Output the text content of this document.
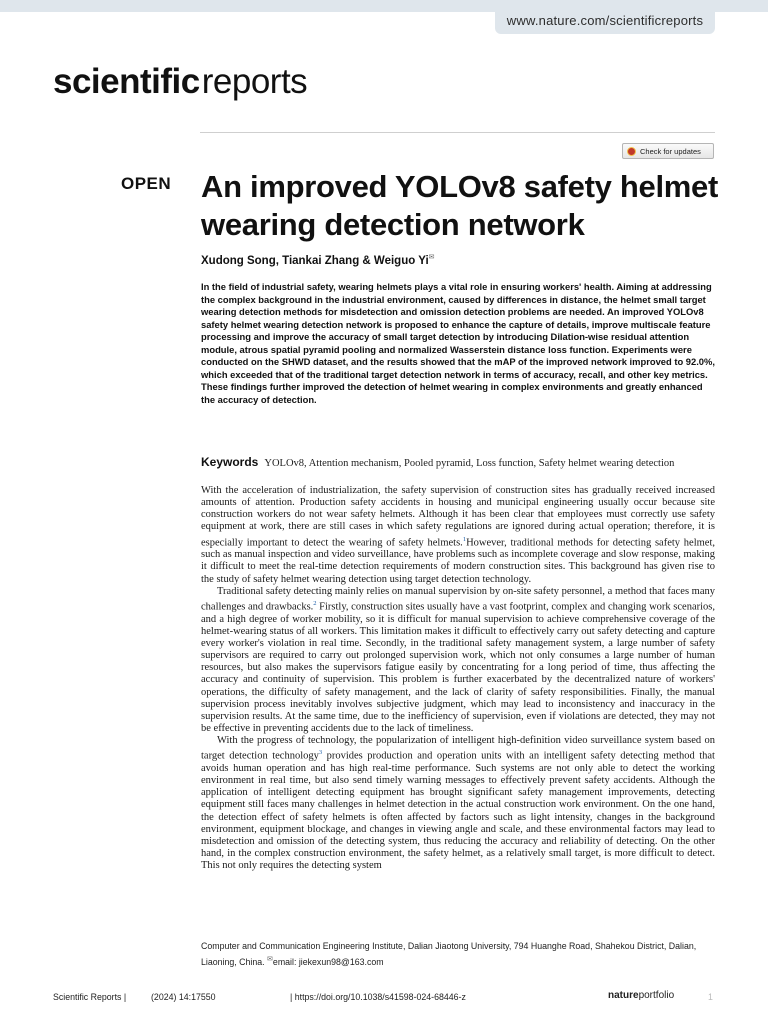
www.nature.com/scientificreports
scientificreports
Check for updates
OPEN An improved YOLOv8 safety helmet wearing detection network
Xudong Song, Tiankai Zhang & Weiguo Yi✉
In the field of industrial safety, wearing helmets plays a vital role in ensuring workers' health. Aiming at addressing the complex background in the industrial environment, caused by differences in distance, the helmet small target wearing detection methods for misdetection and omission detection problems are needed. An improved YOLOv8 safety helmet wearing detection network is proposed to enhance the capture of details, improve multiscale feature processing and improve the accuracy of small target detection by introducing Dilation-wise residual attention module, atrous spatial pyramid pooling and normalized Wasserstein distance loss function. Experiments were conducted on the SHWD dataset, and the results showed that the mAP of the improved network improved to 92.0%, which exceeded that of the traditional target detection network in terms of accuracy, recall, and other key metrics. These findings further improved the detection of helmet wearing in complex environments and greatly enhanced the accuracy of detection.
Keywords YOLOv8, Attention mechanism, Pooled pyramid, Loss function, Safety helmet wearing detection

With the acceleration of industrialization, the safety supervision of construction sites has gradually received increased amounts of attention. Production safety accidents in housing and municipal engineering usually occur because site construction workers do not wear safety helmets. Although it has been clear that employees must correctly use safety equipment at work, there are still cases in which safety regulations are ignored during actual operation; therefore, it is especially important to detect the wearing of safety helmets.$^1$However, traditional methods for detecting safety helmet, such as manual inspection and video surveillance, have problems such as incomplete coverage and slow response, making it difficult to meet the real-time detection requirements of modern construction sites. This background has given rise to the study of safety helmet wearing detection using target detection technology.

Traditional safety detecting mainly relies on manual supervision by on-site safety personnel, a method that faces many challenges and drawbacks.$^2$ Firstly, construction sites usually have a vast footprint, complex and changing work scenarios, and a high degree of worker mobility, so it is difficult for manual supervision to achieve comprehensive coverage of the helmet-wearing status of all workers. This limitation makes it difficult to effectively carry out safety detecting and capture every worker's violation in real time. Secondly, in the traditional safety management system, a large number of safety supervisors are required to carry out prolonged supervision work, which not only consumes a large number of human resources, but also makes the supervisors fatigue easily by concentrating for a long period of time, thus affecting the accuracy and continuity of supervision. This problem is further exacerbated by the decentralized nature of workers' operations, the difficulty of safety management, and the lack of clarity of safety responsibilities. Finally, the manual supervision process inevitably involves subjective judgment, which may lead to inconsistency and inaccuracy in the supervision results. At the same time, due to the inefficiency of supervision, even if violations are detected, they may not be effective in preventing accidents due to the lack of timeliness.

With the progress of technology, the popularization of intelligent high-definition video surveillance system based on target detection technology$^3$ provides production and operation units with an intelligent safety detecting method that avoids human operation and has high real-time performance. Such systems are not only able to detect the working environment in real time, but also send timely warning messages to effectively prevent safety accidents. Although the application of intelligent detecting equipment has brought significant safety management improvements, detecting equipment still faces many challenges in helmet detection in the actual construction work environment. On the one hand, the detection effect of safety helmets is often affected by factors such as light intensity, changes in the background environment, equipment blockage, and changes in viewing angle and scale, and these environmental factors may lead to misdetection and omission of the detecting system, thus reducing the accuracy and reliability of detecting. On the other hand, in the complex construction environment, the safety helmet, as a relatively small target, is more difficult to detect. This not only requires the detecting system

Computer and Communication Engineering Institute, Dalian Jiaotong University, 794 Huanghe Road, Shahekou District, Dalian, Liaoning, China. ✉email: jiekexun98@163.com
Scientific Reports |	(2024) 14:17550	| https://doi.org/10.1038/s41598-024-68446-z	natureportfolio	1
